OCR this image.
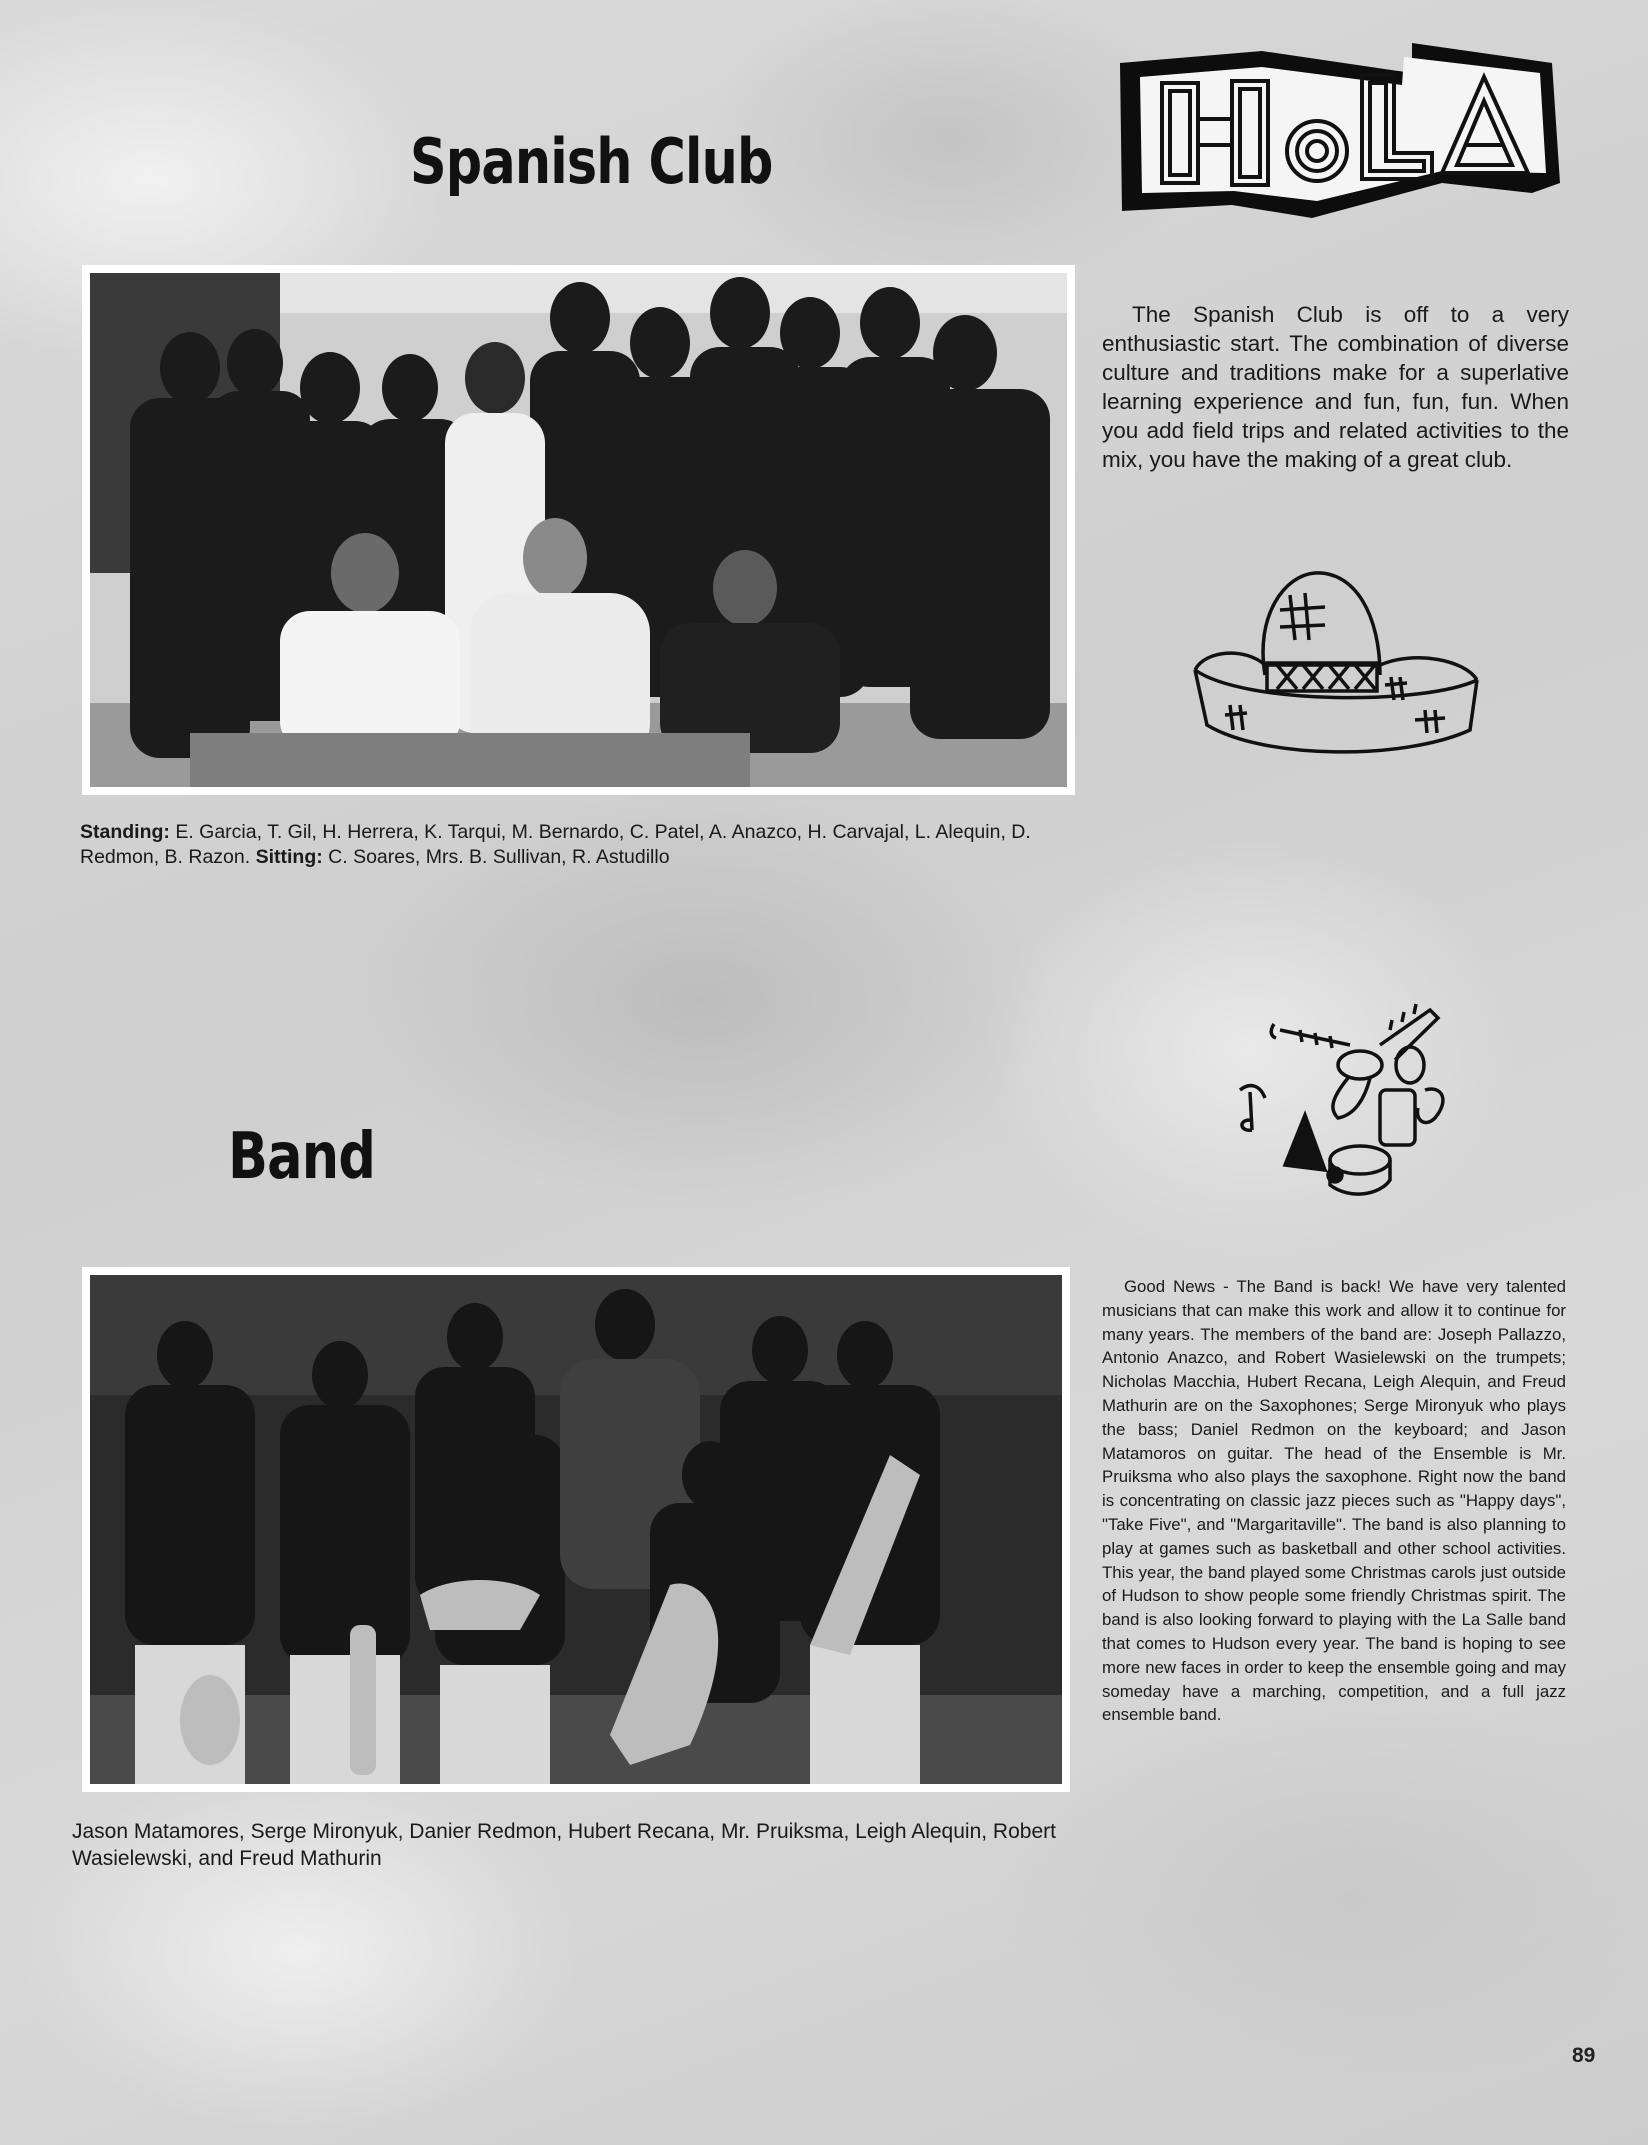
Spanish Club

Standing: E. Garcia, T. Gil, H. Herrera, K. Tarqui, M. Bernardo, C. Patel, A. Anazco, H. Carvajal, L. Alequin, D. Redmon, B. Razon. Sitting: C. Soares, Mrs. B. Sullivan, R. Astudillo

The Spanish Club is off to a very enthusiastic start. The combination of diverse culture and traditions make for a superlative learning experience and fun, fun, fun. When you add field trips and related activities to the mix, you have the making of a great club.

Band

Jason Matamores, Serge Mironyuk, Danier Redmon, Hubert Recana, Mr. Pruiksma, Leigh Alequin, Robert Wasielewski, and Freud Mathurin

Good News - The Band is back! We have very talented musicians that can make this work and allow it to continue for many years. The members of the band are: Joseph Pallazzo, Antonio Anazco, and Robert Wasielewski on the trumpets; Nicholas Macchia, Hubert Recana, Leigh Alequin, and Freud Mathurin are on the Saxophones; Serge Mironyuk who plays the bass; Daniel Redmon on the keyboard; and Jason Matamoros on guitar. The head of the Ensemble is Mr. Pruiksma who also plays the saxophone. Right now the band is concentrating on classic jazz pieces such as "Happy days", "Take Five", and "Margaritaville". The band is also planning to play at games such as basketball and other school activities. This year, the band played some Christmas carols just outside of Hudson to show people some friendly Christmas spirit. The band is also looking forward to playing with the La Salle band that comes to Hudson every year. The band is hoping to see more new faces in order to keep the ensemble going and may someday have a marching, competition, and a full jazz ensemble band.

89
